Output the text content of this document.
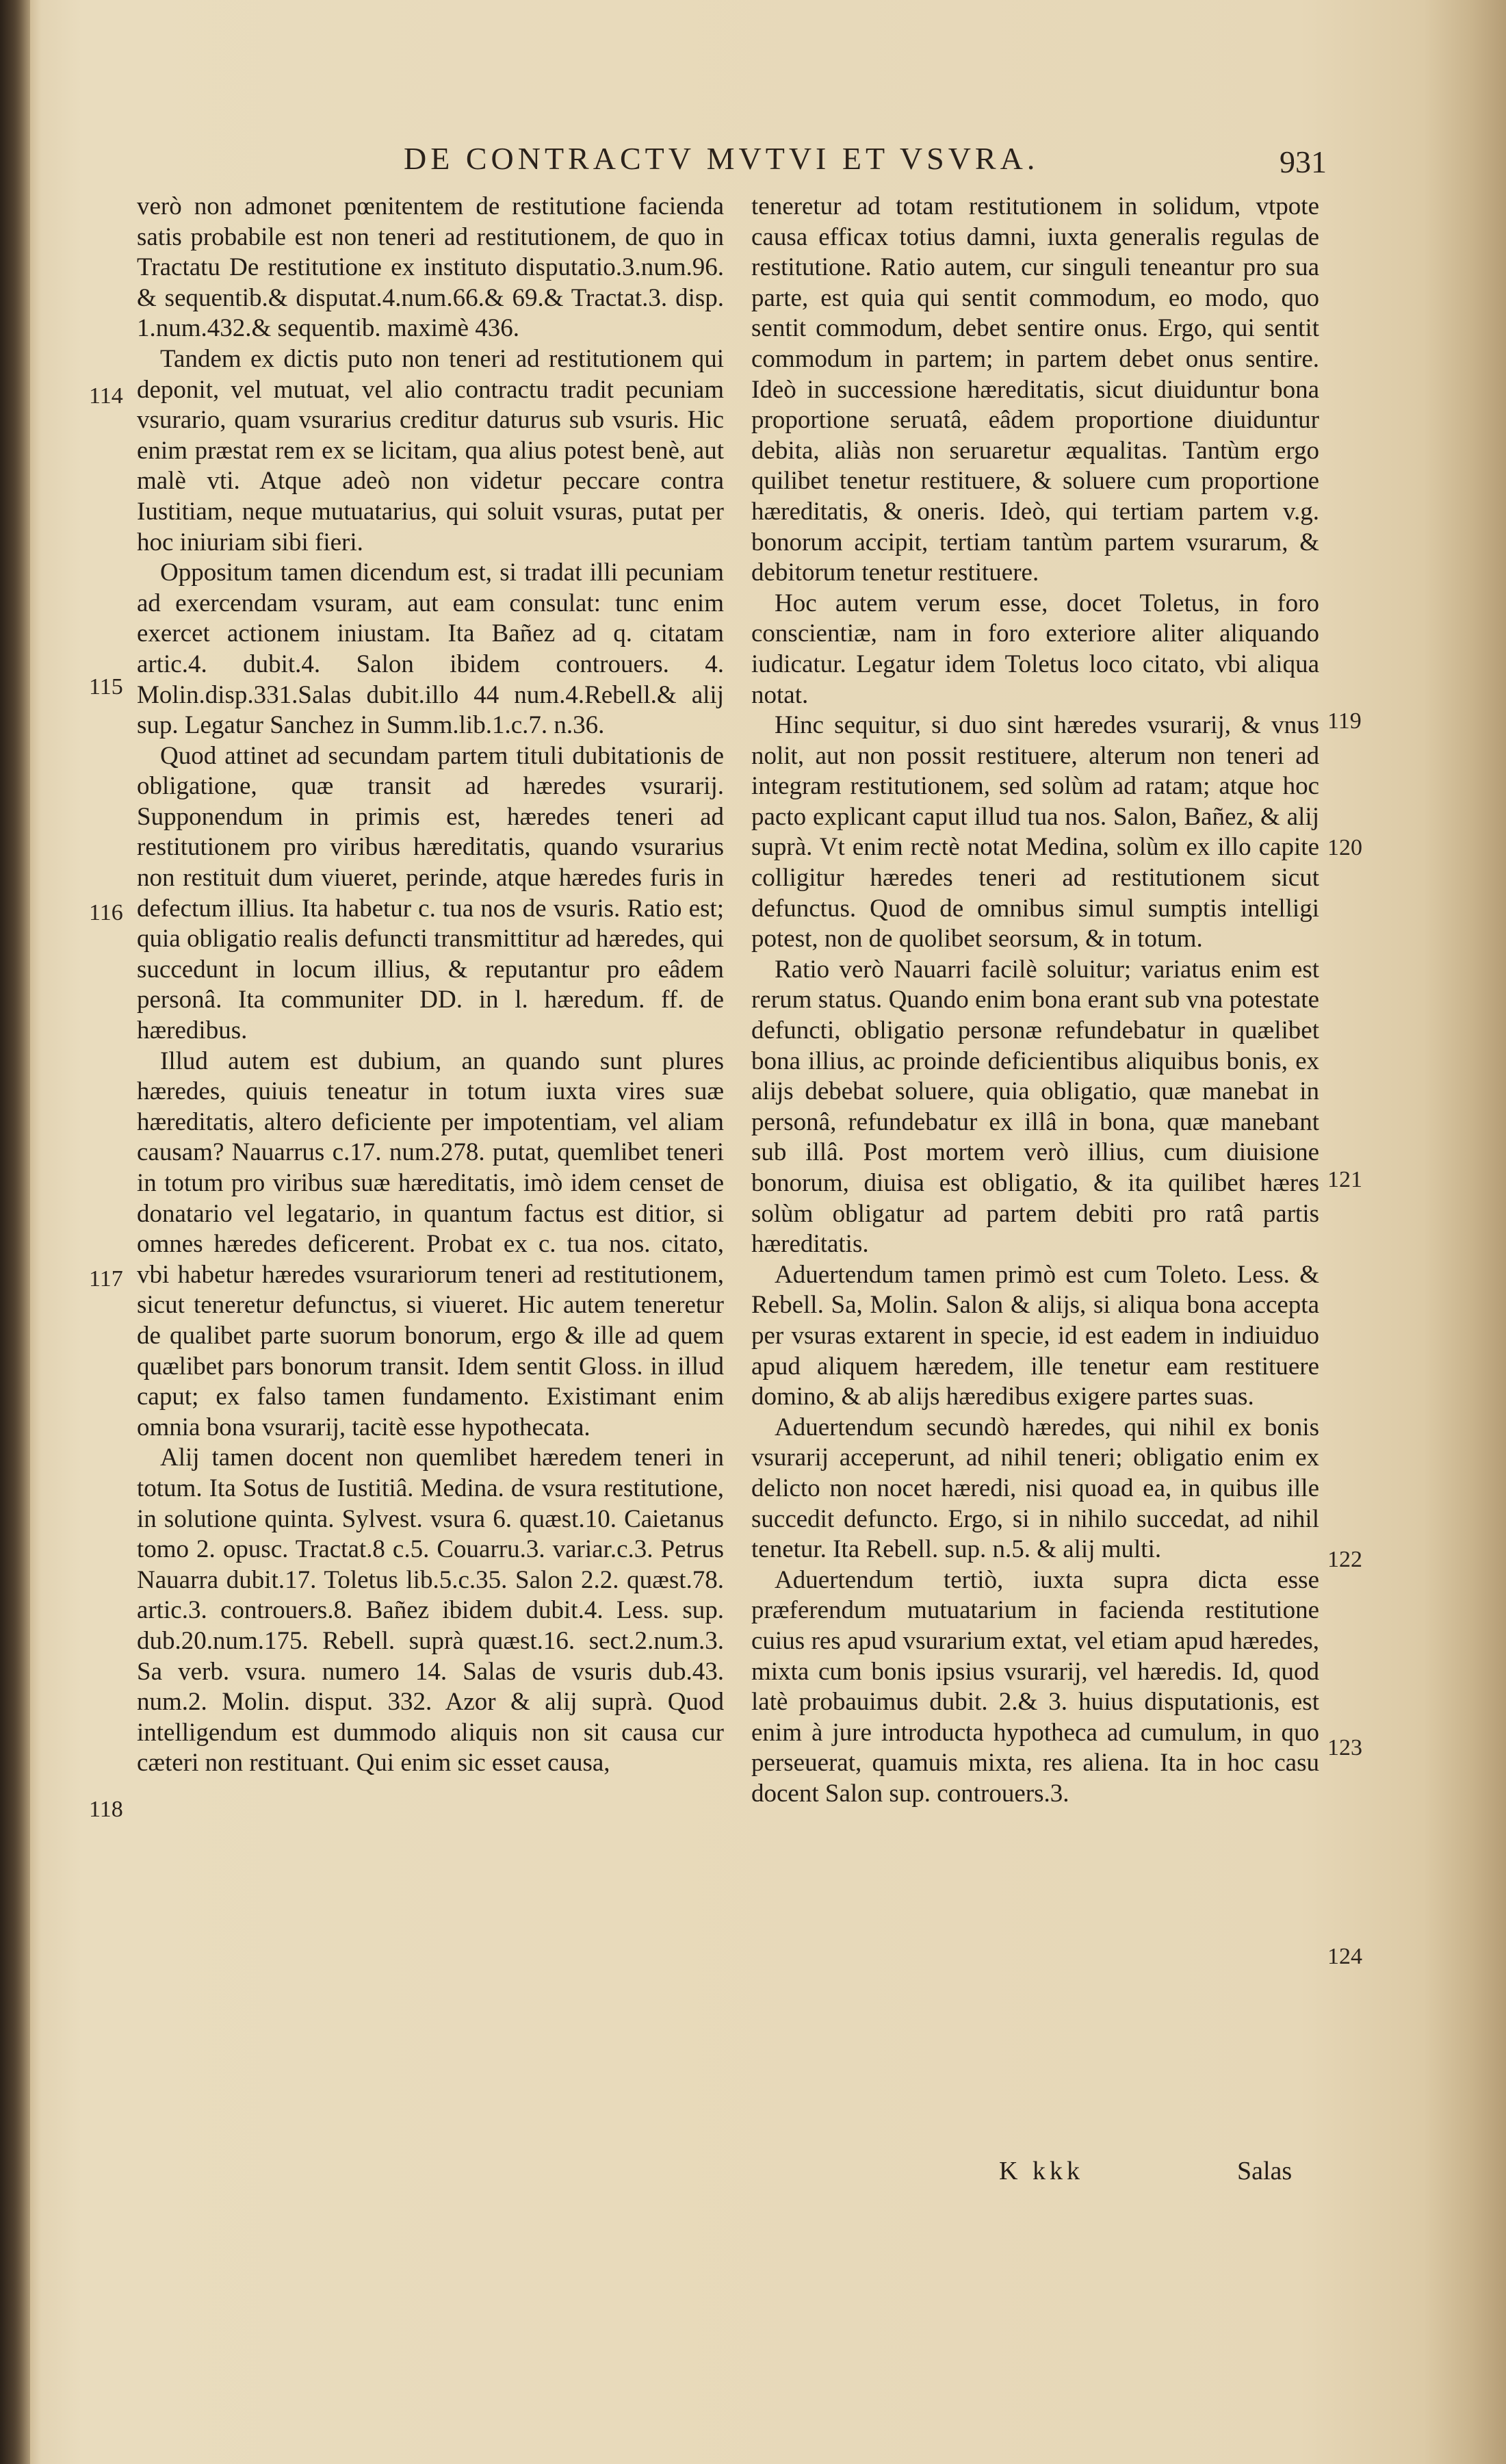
DE CONTRACTV MVTVI ET VSVRA.	931

verò non admonet pœnitentem de restitutione facienda satis probabile est non teneri ad restitutionem, de quo in Tractatu De restitutione ex instituto disputatio.3.num.96. & sequentib.& disputat.4.num.66.& 69.& Tractat.3. disp. 1.num.432.& sequentib. maximè 436.

Tandem ex dictis puto non teneri ad restitutionem qui deponit, vel mutuat, vel alio contractu tradit pecuniam vsurario, quam vsurarius creditur daturus sub vsuris. Hic enim præstat rem ex se licitam, qua alius potest benè, aut malè vti. Atque adeò non videtur peccare contra Iustitiam, neque mutuatarius, qui soluit vsuras, putat per hoc iniuriam sibi fieri.

Oppositum tamen dicendum est, si tradat illi pecuniam ad exercendam vsuram, aut eam consulat: tunc enim exercet actionem iniustam. Ita Bañez ad q. citatam artic.4. dubit.4. Salon ibidem controuers. 4. Molin.disp.331.Salas dubit.illo 44 num.4.Rebell.& alij sup. Legatur Sanchez in Summ.lib.1.c.7. n.36.

Quod attinet ad secundam partem tituli dubitationis de obligatione, quæ transit ad hæredes vsurarij. Supponendum in primis est, hæredes teneri ad restitutionem pro viribus hæreditatis, quando vsurarius non restituit dum viueret, perinde, atque hæredes furis in defectum illius. Ita habetur c. tua nos de vsuris. Ratio est; quia obligatio realis defuncti transmittitur ad hæredes, qui succedunt in locum illius, & reputantur pro eâdem personâ. Ita communiter DD. in l. hæredum. ff. de hæredibus.

Illud autem est dubium, an quando sunt plures hæredes, quiuis teneatur in totum iuxta vires suæ hæreditatis, altero deficiente per impotentiam, vel aliam causam? Nauarrus c.17. num.278. putat, quemlibet teneri in totum pro viribus suæ hæreditatis, imò idem censet de donatario vel legatario, in quantum factus est ditior, si omnes hæredes deficerent. Probat ex c. tua nos. citato, vbi habetur hæredes vsurariorum teneri ad restitutionem, sicut teneretur defunctus, si viueret. Hic autem teneretur de qualibet parte suorum bonorum, ergo & ille ad quem quælibet pars bonorum transit. Idem sentit Gloss. in illud caput; ex falso tamen fundamento. Existimant enim omnia bona vsurarij, tacitè esse hypothecata.

Alij tamen docent non quemlibet hæredem teneri in totum. Ita Sotus de Iustitiâ. Medina. de vsura restitutione, in solutione quinta. Sylvest. vsura 6. quæst.10. Caietanus tomo 2. opusc. Tractat.8 c.5. Couarru.3. variar.c.3. Petrus Nauarra dubit.17. Toletus lib.5.c.35. Salon 2.2. quæst.78. artic.3. controuers.8. Bañez ibidem dubit.4. Less. sup. dub.20.num.175. Rebell. suprà quæst.16. sect.2.num.3. Sa verb. vsura. numero 14. Salas de vsuris dub.43. num.2. Molin. disput. 332. Azor & alij suprà. Quod intelligendum est dummodo aliquis non sit causa cur cæteri non restituant. Qui enim sic esset causa,

teneretur ad totam restitutionem in solidum, vtpote causa efficax totius damni, iuxta generalis regulas de restitutione. Ratio autem, cur singuli teneantur pro sua parte, est quia qui sentit commodum, eo modo, quo sentit commodum, debet sentire onus. Ergo, qui sentit commodum in partem; in partem debet onus sentire. Ideò in successione hæreditatis, sicut diuiduntur bona proportione seruatâ, eâdem proportione diuiduntur debita, aliàs non seruaretur æqualitas. Tantùm ergo quilibet tenetur restituere, & soluere cum proportione hæreditatis, & oneris. Ideò, qui tertiam partem v.g. bonorum accipit, tertiam tantùm partem vsurarum, & debitorum tenetur restituere.

Hoc autem verum esse, docet Toletus, in foro conscientiæ, nam in foro exteriore aliter aliquando iudicatur. Legatur idem Toletus loco citato, vbi aliqua notat.

Hinc sequitur, si duo sint hæredes vsurarij, & vnus nolit, aut non possit restituere, alterum non teneri ad integram restitutionem, sed solùm ad ratam; atque hoc pacto explicant caput illud tua nos. Salon, Bañez, & alij suprà. Vt enim rectè notat Medina, solùm ex illo capite colligitur hæredes teneri ad restitutionem sicut defunctus. Quod de omnibus simul sumptis intelligi potest, non de quolibet seorsum, & in totum.

Ratio verò Nauarri facilè soluitur; variatus enim est rerum status. Quando enim bona erant sub vna potestate defuncti, obligatio personæ refundebatur in quælibet bona illius, ac proinde deficientibus aliquibus bonis, ex alijs debebat soluere, quia obligatio, quæ manebat in personâ, refundebatur ex illâ in bona, quæ manebant sub illâ. Post mortem verò illius, cum diuisione bonorum, diuisa est obligatio, & ita quilibet hæres solùm obligatur ad partem debiti pro ratâ partis hæreditatis.

Aduertendum tamen primò est cum Toleto. Less. & Rebell. Sa, Molin. Salon & alijs, si aliqua bona accepta per vsuras extarent in specie, id est eadem in indiuiduo apud aliquem hæredem, ille tenetur eam restituere domino, & ab alijs hæredibus exigere partes suas.

Aduertendum secundò hæredes, qui nihil ex bonis vsurarij acceperunt, ad nihil teneri; obligatio enim ex delicto non nocet hæredi, nisi quoad ea, in quibus ille succedit defuncto. Ergo, si in nihilo succedat, ad nihil tenetur. Ita Rebell. sup. n.5. & alij multi.

Aduertendum tertiò, iuxta supra dicta esse præferendum mutuatarium in facienda restitutione cuius res apud vsurarium extat, vel etiam apud hæredes, mixta cum bonis ipsius vsurarij, vel hæredis. Id, quod latè probauimus dubit. 2.& 3. huius disputationis, est enim à jure introducta hypotheca ad cumulum, in quo perseuerat, quamuis mixta, res aliena. Ita in hoc casu docent Salon sup. controuers.3.

114
115
116
117
118
119
120
121
122
123
124
K kkk	Salas
